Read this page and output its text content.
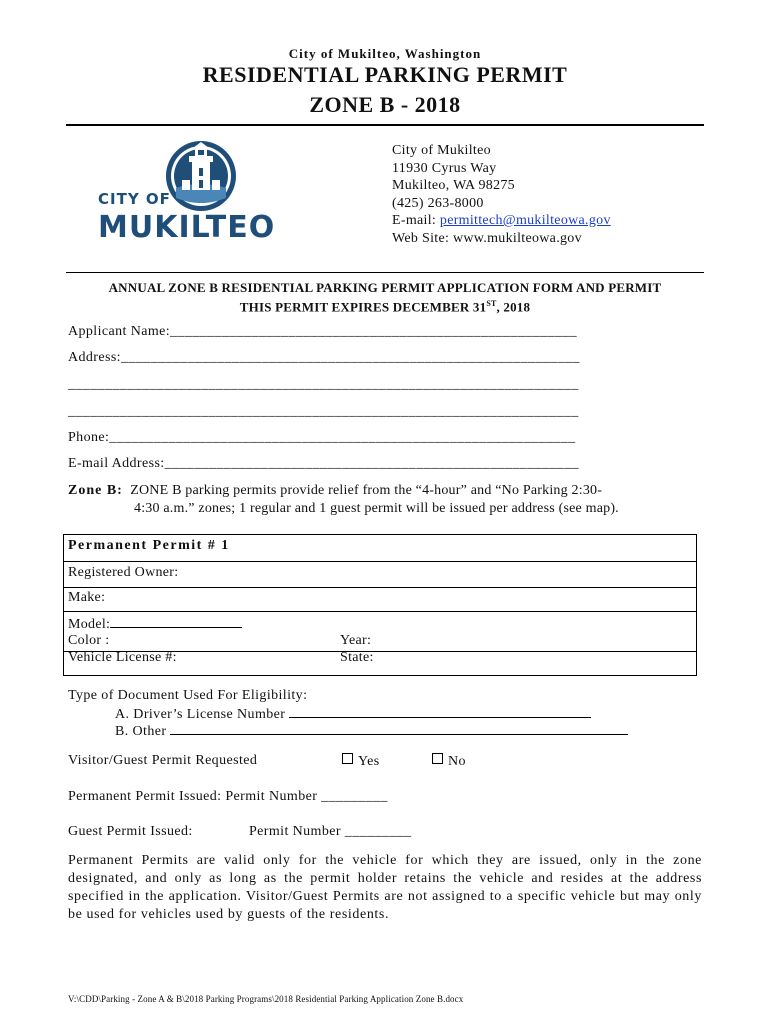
City of Mukilteo, Washington
RESIDENTIAL PARKING PERMIT
ZONE B - 2018
CITY OF
MUKILTEO
City of Mukilteo
11930 Cyrus Way
Mukilteo, WA 98275
(425) 263-8000
E-mail: permittech@mukilteowa.gov
Web Site: www.mukilteowa.gov
ANNUAL ZONE B RESIDENTIAL PARKING PERMIT APPLICATION FORM AND PERMIT
THIS PERMIT EXPIRES DECEMBER 31ST, 2018
Applicant Name:_______________________________________________________
Address:______________________________________________________________
_____________________________________________________________________
_____________________________________________________________________
Phone:_______________________________________________________________
E-mail Address:________________________________________________________
Zone B: ZONE B parking permits provide relief from the “4-hour” and “No Parking 2:30-
4:30 a.m.” zones; 1 regular and 1 guest permit will be issued per address (see map).
Permanent Permit # 1
Registered Owner:
Make:
Model:
Color :	Year:
Vehicle License #:	State:
Type of Document Used For Eligibility:
A. Driver’s License Number
B. Other
Visitor/Guest Permit Requested	Yes	No
Permanent Permit Issued: Permit Number _________
Guest Permit Issued:	Permit Number _________
Permanent Permits are valid only for the vehicle for which they are issued, only in the zone designated, and only as long as the permit holder retains the vehicle and resides at the address specified in the application. Visitor/Guest Permits are not assigned to a specific vehicle but may only be used for vehicles used by guests of the residents.
V:\CDD\Parking - Zone A & B\2018 Parking Programs\2018 Residential Parking Application Zone B.docx
